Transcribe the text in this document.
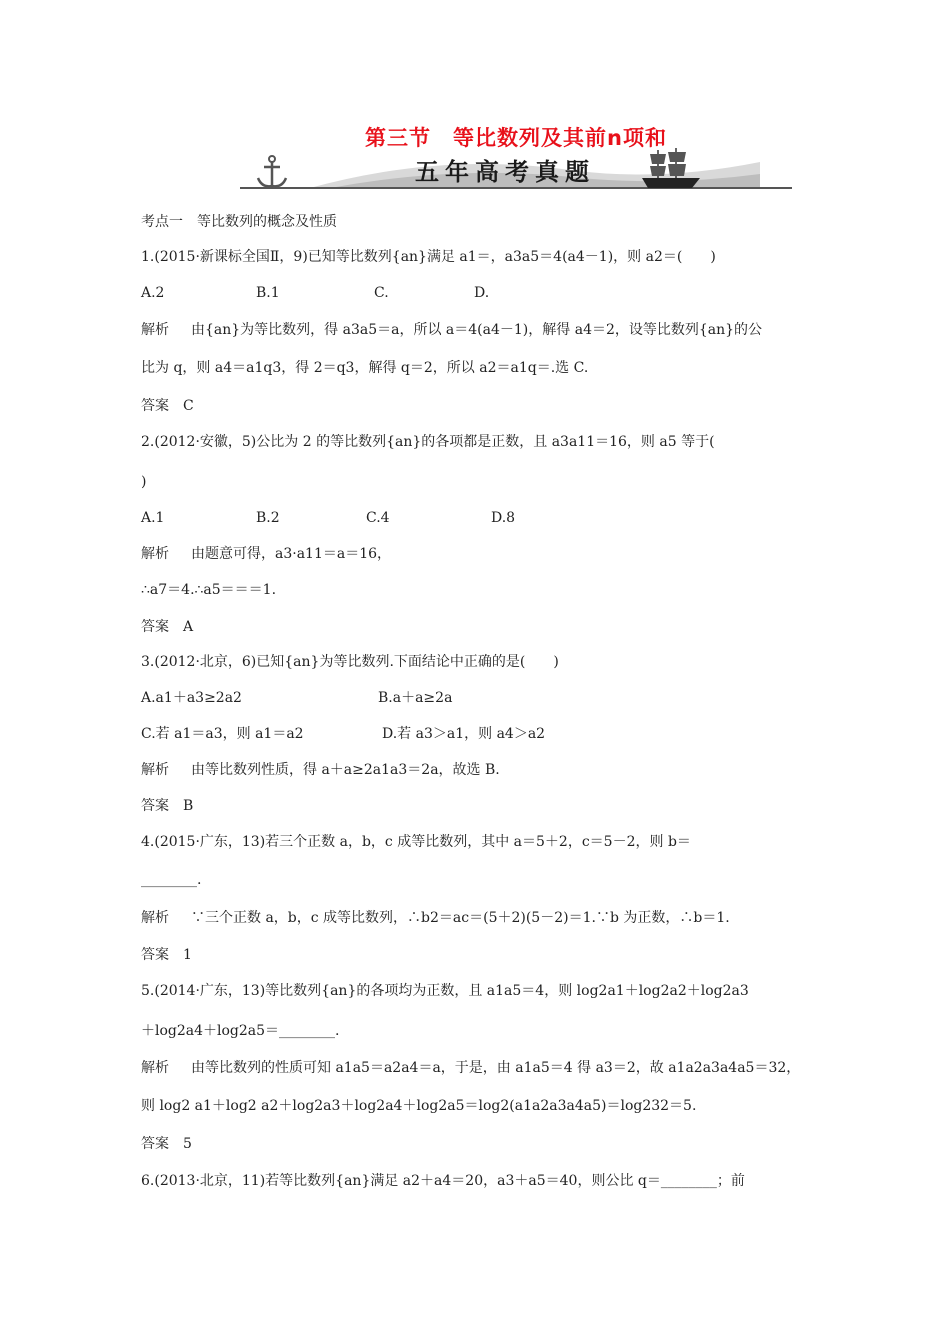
第三节　等比数列及其前n项和
五年高考真题
考点一　等比数列的概念及性质
1.(2015·新课标全国Ⅱ，9)已知等比数列{an}满足 a1＝，a3a5＝4(a4－1)，则 a2＝(　　)
A.2	B.1	C.	D.
解析 由{an}为等比数列，得 a3a5＝a，所以 a＝4(a4－1)，解得 a4＝2，设等比数列{an}的公
比为 q，则 a4＝a1q3，得 2＝q3，解得 q＝2，所以 a2＝a1q＝.选 C.
答案 C
2.(2012·安徽，5)公比为 2 的等比数列{an}的各项都是正数，且 a3a11＝16，则 a5 等于(
)
A.1	B.2	C.4	D.8
解析 由题意可得，a3·a11＝a＝16，
∴a7＝4.∴a5＝＝＝1.
答案 A
3.(2012·北京，6)已知{an}为等比数列.下面结论中正确的是(　　)
A.a1＋a3≥2a2	B.a＋a≥2a
C.若 a1＝a3，则 a1＝a2	D.若 a3＞a1，则 a4＞a2
解析 由等比数列性质，得 a＋a≥2a1a3＝2a，故选 B.
答案 B
4.(2015·广东，13)若三个正数 a，b，c 成等比数列，其中 a＝5＋2，c＝5－2，则 b＝
________.
解析 ∵三个正数 a，b，c 成等比数列，∴b2＝ac＝(5＋2)(5－2)＝1.∵b 为正数，∴b＝1.
答案 1
5.(2014·广东，13)等比数列{an}的各项均为正数，且 a1a5＝4，则 log2a1＋log2a2＋log2a3
＋log2a4＋log2a5＝________.
解析 由等比数列的性质可知 a1a5＝a2a4＝a，于是，由 a1a5＝4 得 a3＝2，故 a1a2a3a4a5＝32，
则 log2 a1＋log2 a2＋log2a3＋log2a4＋log2a5＝log2(a1a2a3a4a5)＝log232＝5.
答案 5
6.(2013·北京，11)若等比数列{an}满足 a2＋a4＝20，a3＋a5＝40，则公比 q＝________；前
